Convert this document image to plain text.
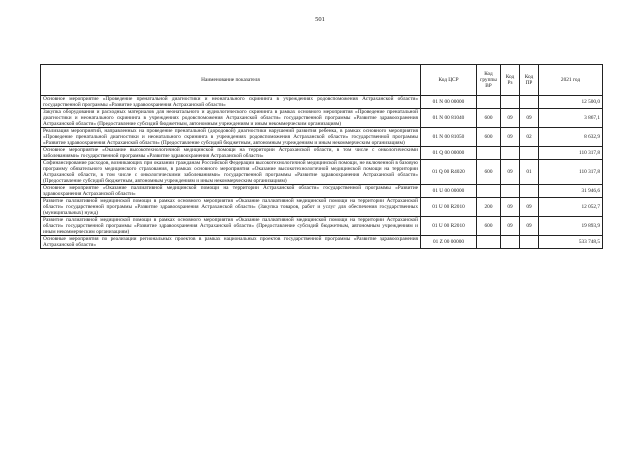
501
Наименование показателя	Код ЦСР	Код группы ВР	Код Рз	Код ПР	2021 год
Основное мероприятие «Проведение пренатальной диагностики и неонатального скрининга в учреждениях родовспоможения Астраханской области» государственной программы «Развитие здравоохранения Астраханской области»	01 N 00 00000				12 500,0
Закупка оборудования и расходных материалов для неонатального и аудиологического скрининга в рамках основного мероприятия «Проведение пренатальной диагностики и неонатального скрининга в учреждениях родовспоможения Астраханской области» государственной программы «Развитие здравоохранения Астраханской области» (Предоставление субсидий бюджетным, автономным учреждениям и иным некоммерческим организациям)	01 N 00 81040	600	09	09	3 867,1
Реализация мероприятий, направленных на проведение пренатальной (дородовой) диагностики нарушений развития ребенка, в рамках основного мероприятия «Проведение пренатальной диагностики и неонатального скрининга в учреждениях родовспоможения Астраханской области» государственной программы «Развитие здравоохранения Астраханской области» (Предоставление субсидий бюджетным, автономным учреждениям и иным некоммерческим организациям)	01 N 00 81050	600	09	02	8 632,9
Основное мероприятие «Оказание высокотехнологичной медицинской помощи на территории Астраханской области, в том числе с онкологическими заболеваниями» государственной программы «Развитие здравоохранения Астраханской области»	01 Q 00 00000				110 317,8
Софинансирование расходов, возникающих при оказании гражданам Российской Федерации высокотехнологичной медицинской помощи, не включенной в базовую программу обязательного медицинского страхования, в рамках основного мероприятия «Оказание высокотехнологичной медицинской помощи на территории Астраханской области, в том числе с онкологическими заболеваниями» государственной программы «Развитие здравоохранения Астраханской области» (Предоставление субсидий бюджетным, автономным учреждениям и иным некоммерческим организациям)	01 Q 00 R4020	600	09	01	110 317,8
Основное мероприятие «Оказание паллиативной медицинской помощи на территории Астраханской области» государственной программы «Развитие здравоохранения Астраханской области»	01 U 00 00000				31 946,6
Развитие паллиативной медицинской помощи в рамках основного мероприятия «Оказание паллиативной медицинской помощи на территории Астраханской области» государственной программы «Развитие здравоохранения Астраханской области» (Закупка товаров, работ и услуг для обеспечения государственных (муниципальных) нужд)	01 U 00 R2010	200	09	09	12 052,7
Развитие паллиативной медицинской помощи в рамках основного мероприятия «Оказание паллиативной медицинской помощи на территории Астраханской области» государственной программы «Развитие здравоохранения Астраханской области» (Предоставление субсидий бюджетным, автономным учреждениям и иным некоммерческим организациям)	01 U 00 R2010	600	09	09	19 893,9
Основные мероприятия по реализации региональных проектов в рамках национальных проектов государственной программы «Развитие здравоохранения Астраханской области»	01 Z 00 00000				533 748,5
